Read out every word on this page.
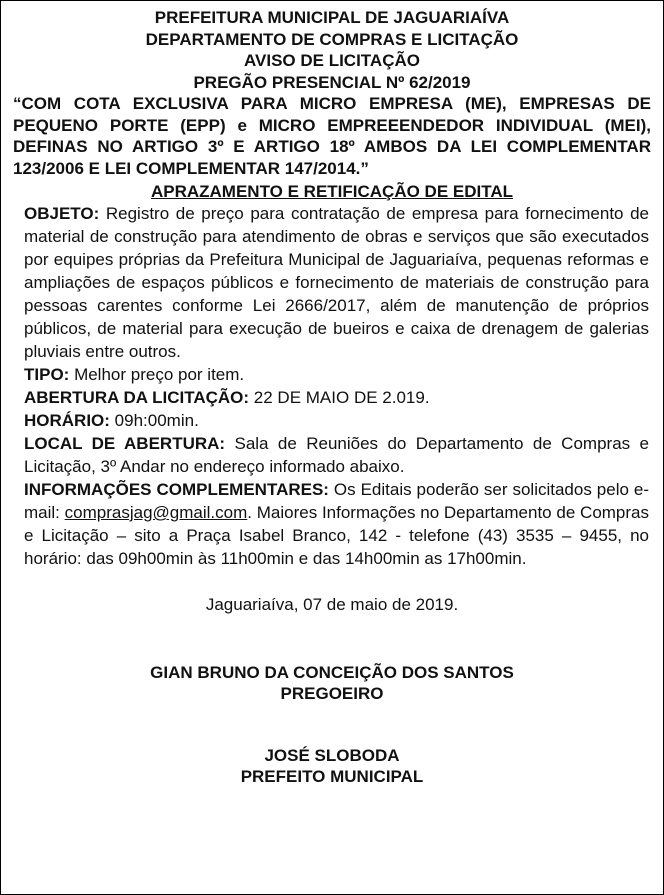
PREFEITURA MUNICIPAL DE JAGUARIAÍVA
DEPARTAMENTO DE COMPRAS E LICITAÇÃO
AVISO DE LICITAÇÃO
PREGÃO PRESENCIAL Nº 62/2019

“COM COTA EXCLUSIVA PARA MICRO EMPRESA (ME), EMPRESAS DE PEQUENO PORTE (EPP) e MICRO EMPREEENDEDOR INDIVIDUAL (MEI), DEFINAS NO ARTIGO 3º E ARTIGO 18º AMBOS DA LEI COMPLEMENTAR 123/2006 E LEI COMPLEMENTAR 147/2014.”

APRAZAMENTO E RETIFICAÇÃO DE EDITAL

OBJETO: Registro de preço para contratação de empresa para fornecimento de material de construção para atendimento de obras e serviços que são executados por equipes próprias da Prefeitura Municipal de Jaguariaíva, pequenas reformas e ampliações de espaços públicos e fornecimento de materiais de construção para pessoas carentes conforme Lei 2666/2017, além de manutenção de próprios públicos, de material para execução de bueiros e caixa de drenagem de galerias pluviais entre outros.

TIPO: Melhor preço por item.

ABERTURA DA LICITAÇÃO: 22 DE MAIO DE 2.019.

HORÁRIO: 09h:00min.

LOCAL DE ABERTURA: Sala de Reuniões do Departamento de Compras e Licitação, 3º Andar no endereço informado abaixo.

INFORMAÇÕES COMPLEMENTARES: Os Editais poderão ser solicitados pelo e-mail: comprasjag@gmail.com. Maiores Informações no Departamento de Compras e Licitação – sito a Praça Isabel Branco, 142 - telefone (43) 3535 – 9455, no horário: das 09h00min às 11h00min e das 14h00min as 17h00min.

Jaguariaíva, 07 de maio de 2019.
GIAN BRUNO DA CONCEIÇÃO DOS SANTOS
PREGOEIRO
JOSÉ SLOBODA
PREFEITO MUNICIPAL
